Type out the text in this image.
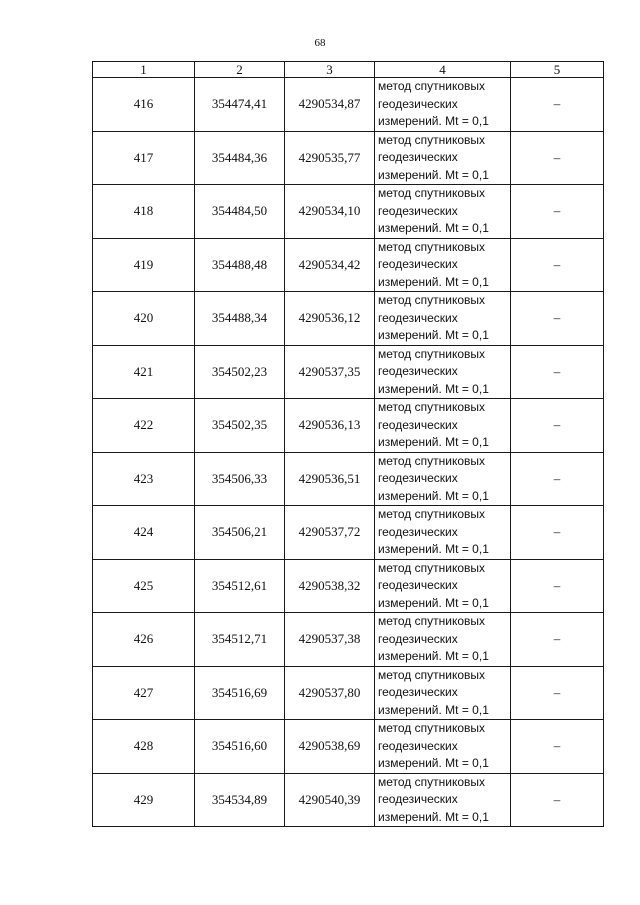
68
1	2	3	4	5
416	354474,41	4290534,87	метод спутниковых
геодезических
измерений. Mt = 0,1	–
417	354484,36	4290535,77	метод спутниковых
геодезических
измерений. Mt = 0,1	–
418	354484,50	4290534,10	метод спутниковых
геодезических
измерений. Mt = 0,1	–
419	354488,48	4290534,42	метод спутниковых
геодезических
измерений. Mt = 0,1	–
420	354488,34	4290536,12	метод спутниковых
геодезических
измерений. Mt = 0,1	–
421	354502,23	4290537,35	метод спутниковых
геодезических
измерений. Mt = 0,1	–
422	354502,35	4290536,13	метод спутниковых
геодезических
измерений. Mt = 0,1	–
423	354506,33	4290536,51	метод спутниковых
геодезических
измерений. Mt = 0,1	–
424	354506,21	4290537,72	метод спутниковых
геодезических
измерений. Mt = 0,1	–
425	354512,61	4290538,32	метод спутниковых
геодезических
измерений. Mt = 0,1	–
426	354512,71	4290537,38	метод спутниковых
геодезических
измерений. Mt = 0,1	–
427	354516,69	4290537,80	метод спутниковых
геодезических
измерений. Mt = 0,1	–
428	354516,60	4290538,69	метод спутниковых
геодезических
измерений. Mt = 0,1	–
429	354534,89	4290540,39	метод спутниковых
геодезических
измерений. Mt = 0,1	–
